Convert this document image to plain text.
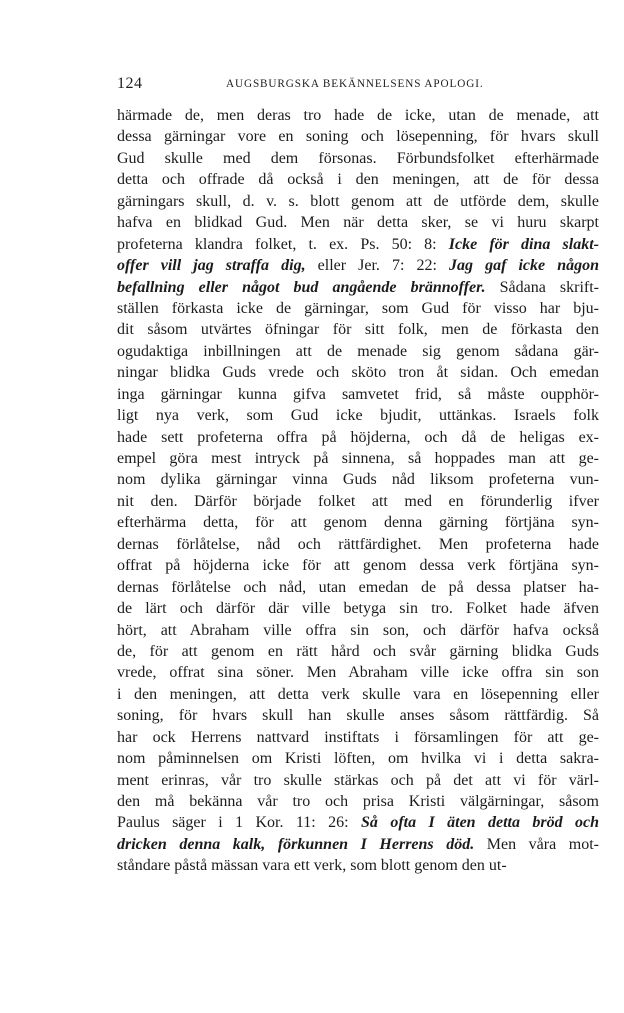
124	AUGSBURGSKA BEKÄNNELSENS APOLOGI.
härmade de, men deras tro hade de icke, utan de menade, att
dessa gärningar vore en soning och lösepenning, för hvars skull
Gud skulle med dem försonas. Förbundsfolket efterhärmade
detta och offrade då också i den meningen, att de för dessa
gärningars skull, d. v. s. blott genom att de utförde dem, skulle
hafva en blidkad Gud. Men när detta sker, se vi huru skarpt
profeterna klandra folket, t. ex. Ps. 50: 8: Icke för dina slakt-
offer vill jag straffa dig, eller Jer. 7: 22: Jag gaf icke någon
befallning eller något bud angående brännoffer. Sådana skrift-
ställen förkasta icke de gärningar, som Gud för visso har bju-
dit såsom utvärtes öfningar för sitt folk, men de förkasta den
ogudaktiga inbillningen att de menade sig genom sådana gär-
ningar blidka Guds vrede och sköto tron åt sidan. Och emedan
inga gärningar kunna gifva samvetet frid, så måste oupphör-
ligt nya verk, som Gud icke bjudit, uttänkas. Israels folk
hade sett profeterna offra på höjderna, och då de heligas ex-
empel göra mest intryck på sinnena, så hoppades man att ge-
nom dylika gärningar vinna Guds nåd liksom profeterna vun-
nit den. Därför började folket att med en förunderlig ifver
efterhärma detta, för att genom denna gärning förtjäna syn-
dernas förlåtelse, nåd och rättfärdighet. Men profeterna hade
offrat på höjderna icke för att genom dessa verk förtjäna syn-
dernas förlåtelse och nåd, utan emedan de på dessa platser ha-
de lärt och därför där ville betyga sin tro. Folket hade äfven
hört, att Abraham ville offra sin son, och därför hafva också
de, för att genom en rätt hård och svår gärning blidka Guds
vrede, offrat sina söner. Men Abraham ville icke offra sin son
i den meningen, att detta verk skulle vara en lösepenning eller
soning, för hvars skull han skulle anses såsom rättfärdig. Så
har ock Herrens nattvard instiftats i församlingen för att ge-
nom påminnelsen om Kristi löften, om hvilka vi i detta sakra-
ment erinras, vår tro skulle stärkas och på det att vi för värl-
den må bekänna vår tro och prisa Kristi välgärningar, såsom
Paulus säger i 1 Kor. 11: 26: Så ofta I äten detta bröd och
dricken denna kalk, förkunnen I Herrens död. Men våra mot-
ståndare påstå mässan vara ett verk, som blott genom den ut-
